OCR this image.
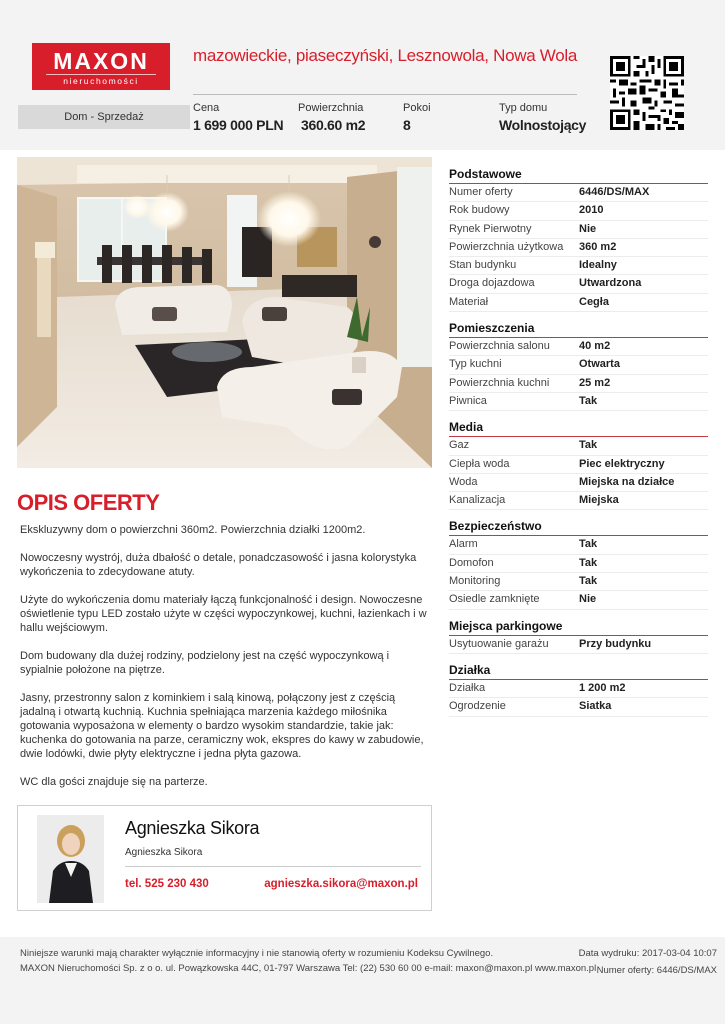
MAXON
nieruchomości
mazowieckie, piaseczyński, Lesznowola, Nowa Wola
Dom - Sprzedaż
Cena
1 699 000 PLN
Powierzchnia
360.60 m2
Pokoi
8
Typ domu
Wolnostojący
Podstawowe
Numer oferty	6446/DS/MAX
Rok budowy	2010
Rynek Pierwotny	Nie
Powierzchnia użytkowa	360 m2
Stan budynku	Idealny
Droga dojazdowa	Utwardzona
Materiał	Cegła
Pomieszczenia
Powierzchnia salonu	40 m2
Typ kuchni	Otwarta
Powierzchnia kuchni	25 m2
Piwnica	Tak
Media
Gaz	Tak
Ciepła woda	Piec elektryczny
Woda	Miejska na działce
Kanalizacja	Miejska
Bezpieczeństwo
Alarm	Tak
Domofon	Tak
Monitoring	Tak
Osiedle zamknięte	Nie
Miejsca parkingowe
Usytuowanie garażu	Przy budynku
Działka
Działka	1 200 m2
Ogrodzenie	Siatka
OPIS OFERTY

Ekskluzywny dom o powierzchni 360m2. Powierzchnia działki 1200m2.

Nowoczesny wystrój, duża dbałość o detale, ponadczasowość i jasna kolorystyka wykończenia to zdecydowane atuty.

Użyte do wykończenia domu materiały łączą funkcjonalność i design. Nowoczesne oświetlenie typu LED zostało użyte w części wypoczynkowej, kuchni, łazienkach i w hallu wejściowym.

Dom budowany dla dużej rodziny, podzielony jest na część wypoczynkową i sypialnie położone na piętrze.

Jasny, przestronny salon z kominkiem i salą kinową, połączony jest z częścią jadalną i otwartą kuchnią. Kuchnia spełniająca marzenia każdego miłośnika gotowania wyposażona w elementy o bardzo wysokim standardzie, takie jak: kuchenka do gotowania na parze, ceramiczny wok, ekspres do kawy w zabudowie, dwie lodówki, dwie płyty elektryczne i jedna płyta gazowa.

WC dla gości znajduje się na parterze.

Agnieszka Sikora
Agnieszka Sikora
tel. 525 230 430	agnieszka.sikora@maxon.pl
Niniejsze warunki mają charakter wyłącznie informacyjny i nie stanowią oferty w rozumieniu Kodeksu Cywilnego.
MAXON Nieruchomości Sp. z o o. ul. Powązkowska 44C, 01-797 Warszawa Tel: (22) 530 60 00 e-mail: maxon@maxon.pl www.maxon.pl
Data wydruku: 2017-03-04 10:07
Numer oferty: 6446/DS/MAX
